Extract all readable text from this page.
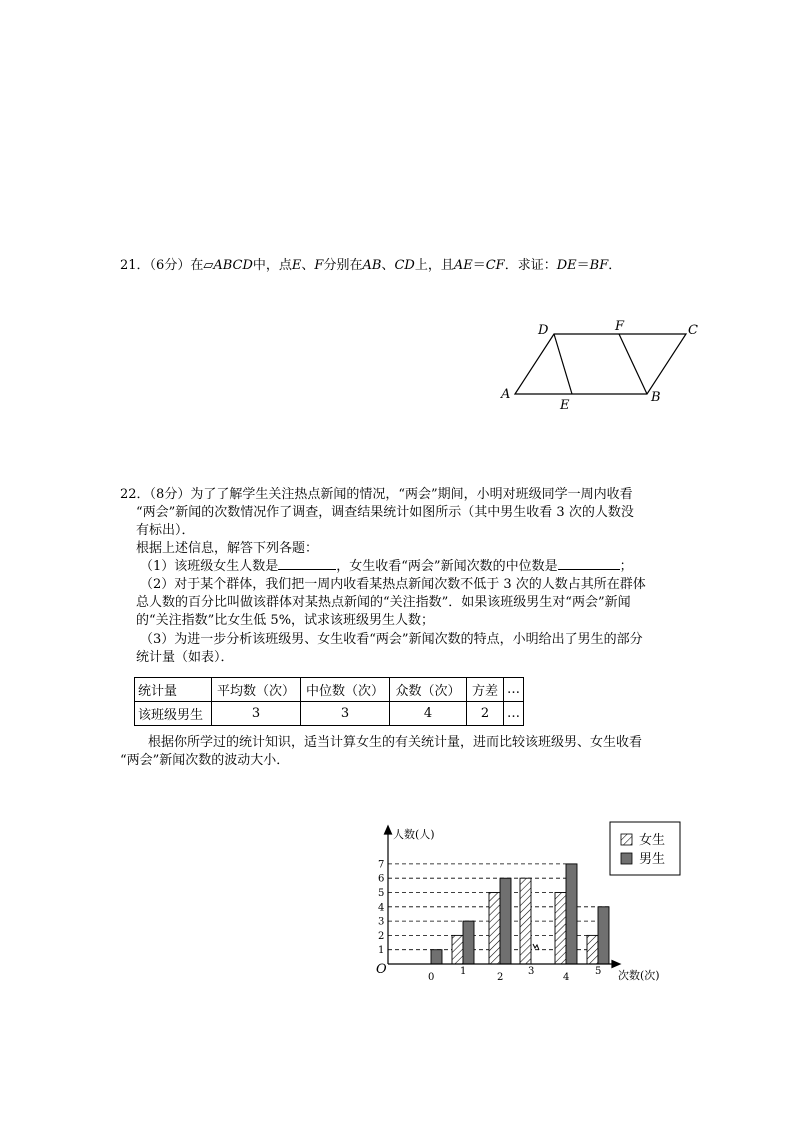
21．（6分）在▱ABCD中，点E、F分别在AB、CD上，且AE＝CF．求证：DE＝BF．
A	B
C
D
E
F
22．（8分）为了了解学生关注热点新闻的情况，“两会”期间，小明对班级同学一周内收看
“两会”新闻的次数情况作了调查，调查结果统计如图所示（其中男生收看 3 次的人数没
有标出）．
根据上述信息，解答下列各题：
（1）该班级女生人数是	，女生收看“两会”新闻次数的中位数是	；
（2）对于某个群体，我们把一周内收看某热点新闻次数不低于 3 次的人数占其所在群体
总人数的百分比叫做该群体对某热点新闻的“关注指数”．如果该班级男生对“两会”新闻
的“关注指数”比女生低 5%，试求该班级男生人数；
（3）为进一步分析该班级男、女生收看“两会”新闻次数的特点，小明给出了男生的部分
统计量（如表）．
统计量	平均数（次）	中位数（次）	众数（次）	方差	…
该班级男生	3	3	4	2	…
根据你所学过的统计知识，适当计算女生的有关统计量，进而比较该班级男、女生收看
“两会”新闻次数的波动大小．
人数(人)
次数(次)
O
1
2
3
4
5
6
7
0
1
2
3
4
5
女生
男生
